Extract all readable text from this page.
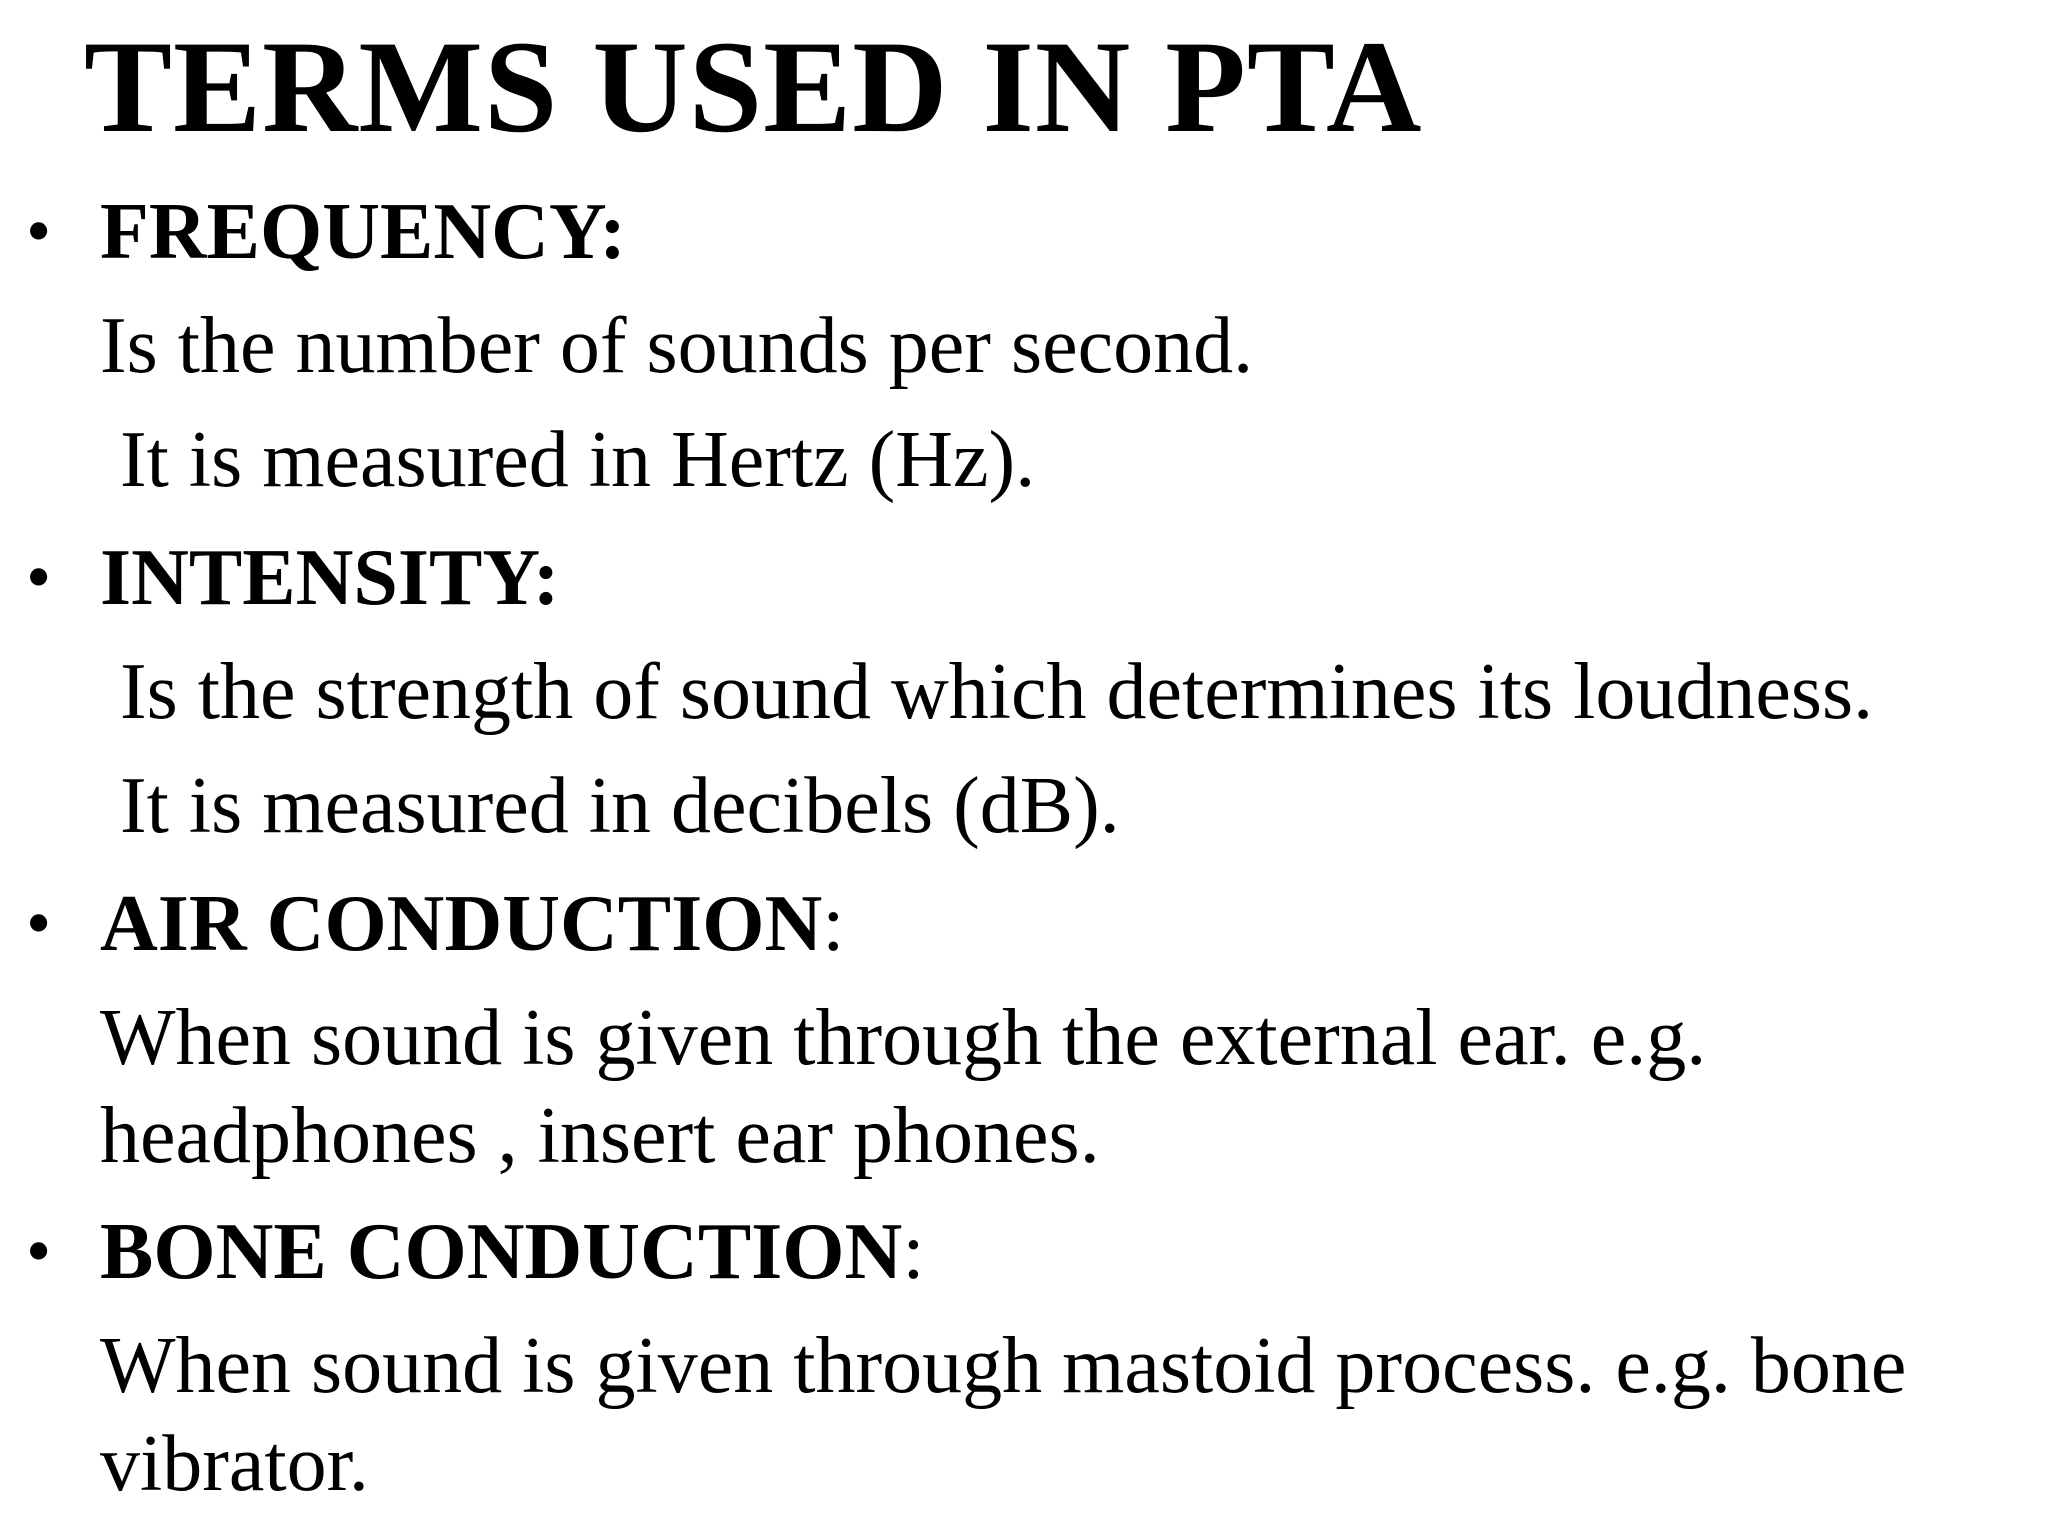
TERMS USED IN PTA
• FREQUENCY:
Is the number of sounds per second.
It is measured in Hertz (Hz).
• INTENSITY:
Is the strength of sound which determines its loudness.
It is measured in decibels (dB).
• AIR CONDUCTION:
When sound is given through the external ear. e.g.
headphones , insert ear phones.
• BONE CONDUCTION:
When sound is given through mastoid process. e.g. bone
vibrator.
